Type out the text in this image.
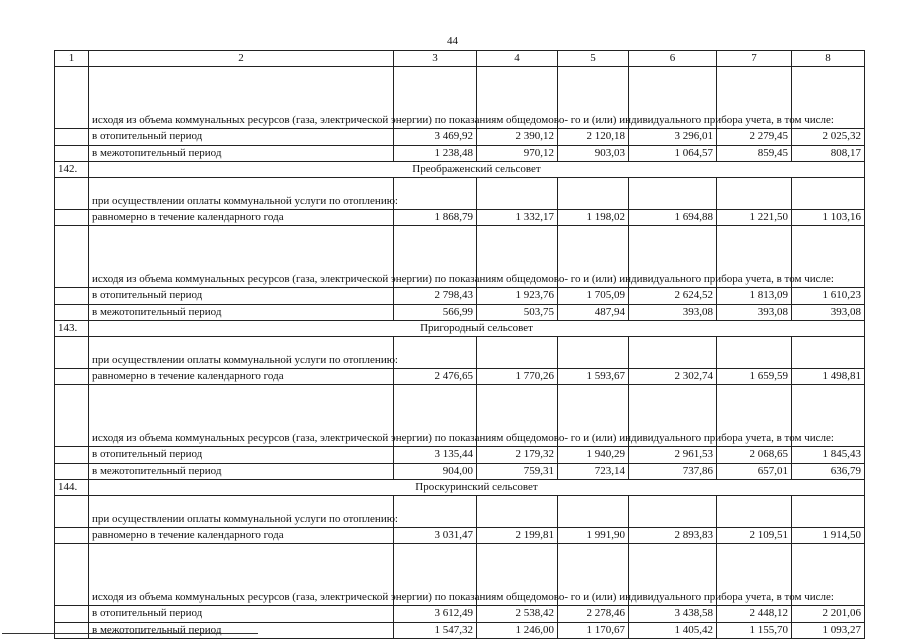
44
1	2	3	4	5	6	7	8
	исходя из объема коммунальных ресурсов (газа, электрической энергии) по показаниям общедомово- го и (или) индивидуального прибора учета, в том числе:						
	в отопительный период	3 469,92	2 390,12	2 120,18	3 296,01	2 279,45	2 025,32
	в межотопительный период	1 238,48	970,12	903,03	1 064,57	859,45	808,17
142.	Преображенский сельсовет						
	при осуществлении оплаты коммунальной услуги по отоплению:						
	равномерно в течение календарного года	1 868,79	1 332,17	1 198,02	1 694,88	1 221,50	1 103,16
	исходя из объема коммунальных ресурсов (газа, электрической энергии) по показаниям общедомово- го и (или) индивидуального прибора учета, в том числе:						
	в отопительный период	2 798,43	1 923,76	1 705,09	2 624,52	1 813,09	1 610,23
	в межотопительный период	566,99	503,75	487,94	393,08	393,08	393,08
143.	Пригородный сельсовет						
	при осуществлении оплаты коммунальной услуги по отоплению:						
	равномерно в течение календарного года	2 476,65	1 770,26	1 593,67	2 302,74	1 659,59	1 498,81
	исходя из объема коммунальных ресурсов (газа, электрической энергии) по показаниям общедомово- го и (или) индивидуального прибора учета, в том числе:						
	в отопительный период	3 135,44	2 179,32	1 940,29	2 961,53	2 068,65	1 845,43
	в межотопительный период	904,00	759,31	723,14	737,86	657,01	636,79
144.	Проскуринский сельсовет						
	при осуществлении оплаты коммунальной услуги по отоплению:						
	равномерно в течение календарного года	3 031,47	2 199,81	1 991,90	2 893,83	2 109,51	1 914,50
	исходя из объема коммунальных ресурсов (газа, электрической энергии) по показаниям общедомово- го и (или) индивидуального прибора учета, в том числе:						
	в отопительный период	3 612,49	2 538,42	2 278,46	3 438,58	2 448,12	2 201,06
	в межотопительный период	1 547,32	1 246,00	1 170,67	1 405,42	1 155,70	1 093,27
